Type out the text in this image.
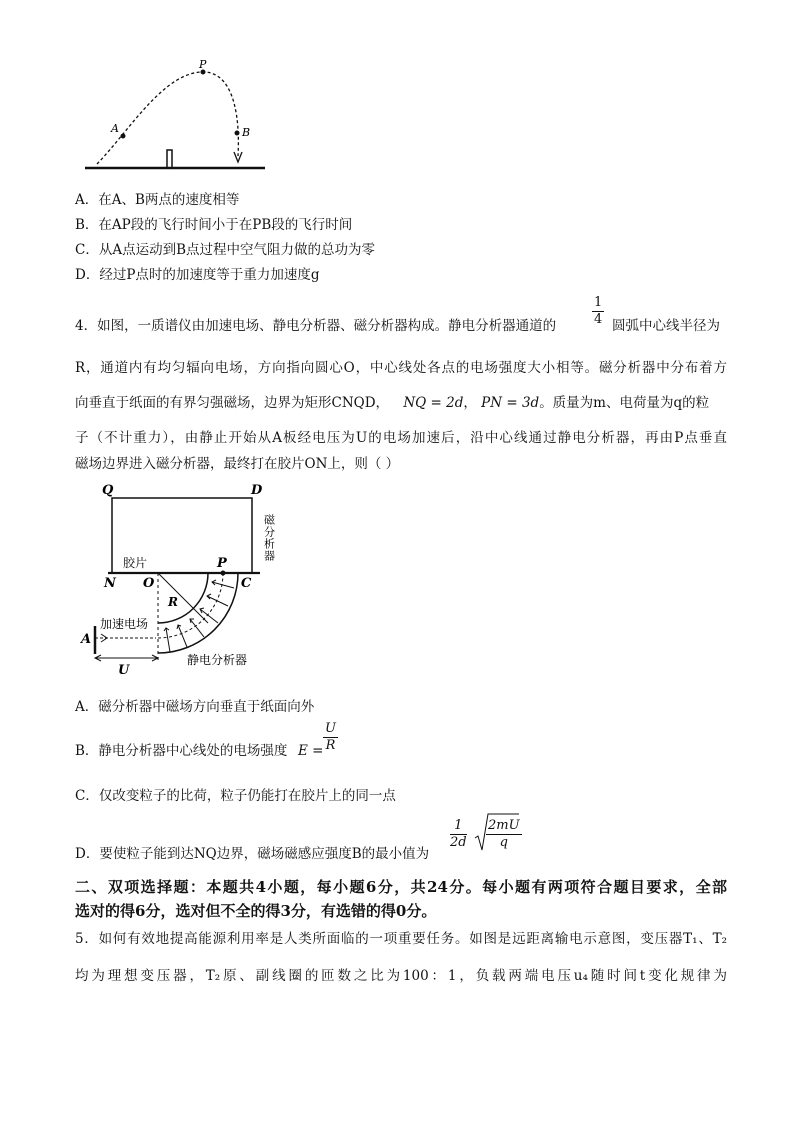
A
P
B
A．在A、B两点的速度相等
B．在AP段的飞行时间小于在PB段的飞行时间
C．从A点运动到B点过程中空气阻力做的总功为零
D．经过P点时的加速度等于重力加速度g
4．如图，一质谱仪由加速电场、静电分析器、磁分析器构成。静电分析器通道的	$\frac{1}{4}$ 圆弧中心线半径为
R，通道内有均匀辐向电场，方向指向圆心O，中心线处各点的电场强度大小相等。磁分析器中分布着方
向垂直于纸面的有界匀强磁场，边界为矩形CNQD， NQ = 2d， PN = 3d。质量为m、电荷量为q的粒
子（不计重力），由静止开始从A板经电压为U的电场加速后，沿中心线通过静电分析器，再由P点垂直
磁场边界进入磁分析器，最终打在胶片ON上，则（ ）
Q	D
磁分析器
胶片	P
N O	C
R
加速电场
A
U
静电分析器
A．磁分析器中磁场方向垂直于纸面向外
B．静电分析器中心线处的电场强度 $E = \frac{U}{R}$
C．仅改变粒子的比荷，粒子仍能打在胶片上的同一点
D．要使粒子能到达NQ边界，磁场磁感应强度B的最小值为
$\frac{1}{2d} \frac{2mU}{q}$
二、双项选择题：本题共4小题，每小题6分，共24分。每小题有两项符合题目要求，全部
选对的得6分，选对但不全的得3分，有选错的得0分。
5．如何有效地提高能源利用率是人类所面临的一项重要任务。如图是远距离输电示意图，变压器T₁、T₂
均为理想变压器，T₂原、副线圈的匝数之比为100：1，负载两端电压u₄随时间t变化规律为
